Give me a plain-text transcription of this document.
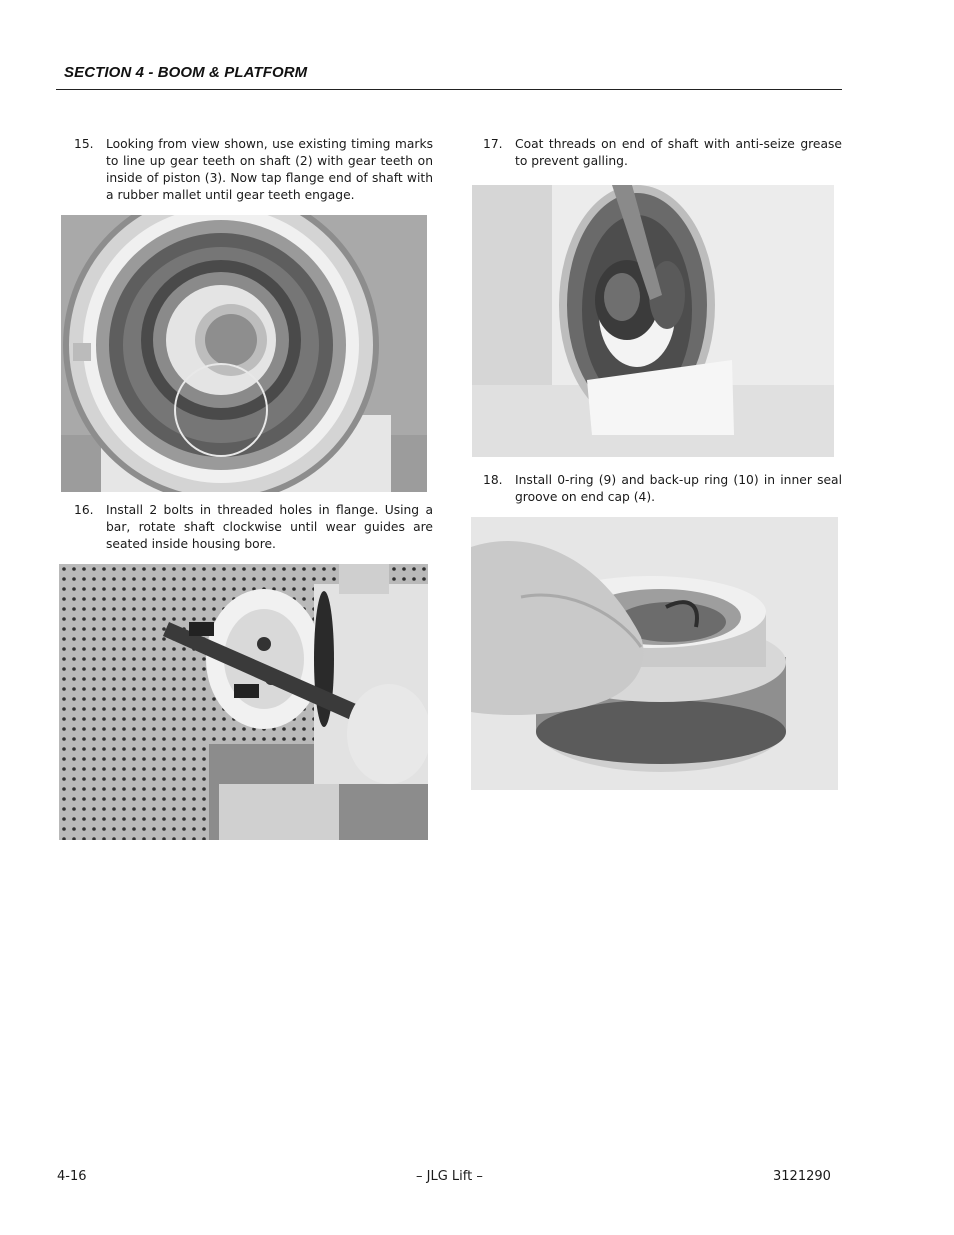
SECTION 4 - BOOM & PLATFORM
15. Looking from view shown, use existing timing marks to line up gear teeth on shaft (2) with gear teeth on inside of piston (3). Now tap flange end of shaft with a rubber mallet until gear teeth engage.
16. Install 2 bolts in threaded holes in flange. Using a bar, rotate shaft clockwise until wear guides are seated inside housing bore.
17. Coat threads on end of shaft with anti-seize grease to prevent galling.
18. Install 0-ring (9) and back-up ring (10) in inner seal groove on end cap (4).
4-16	– JLG Lift –	3121290
